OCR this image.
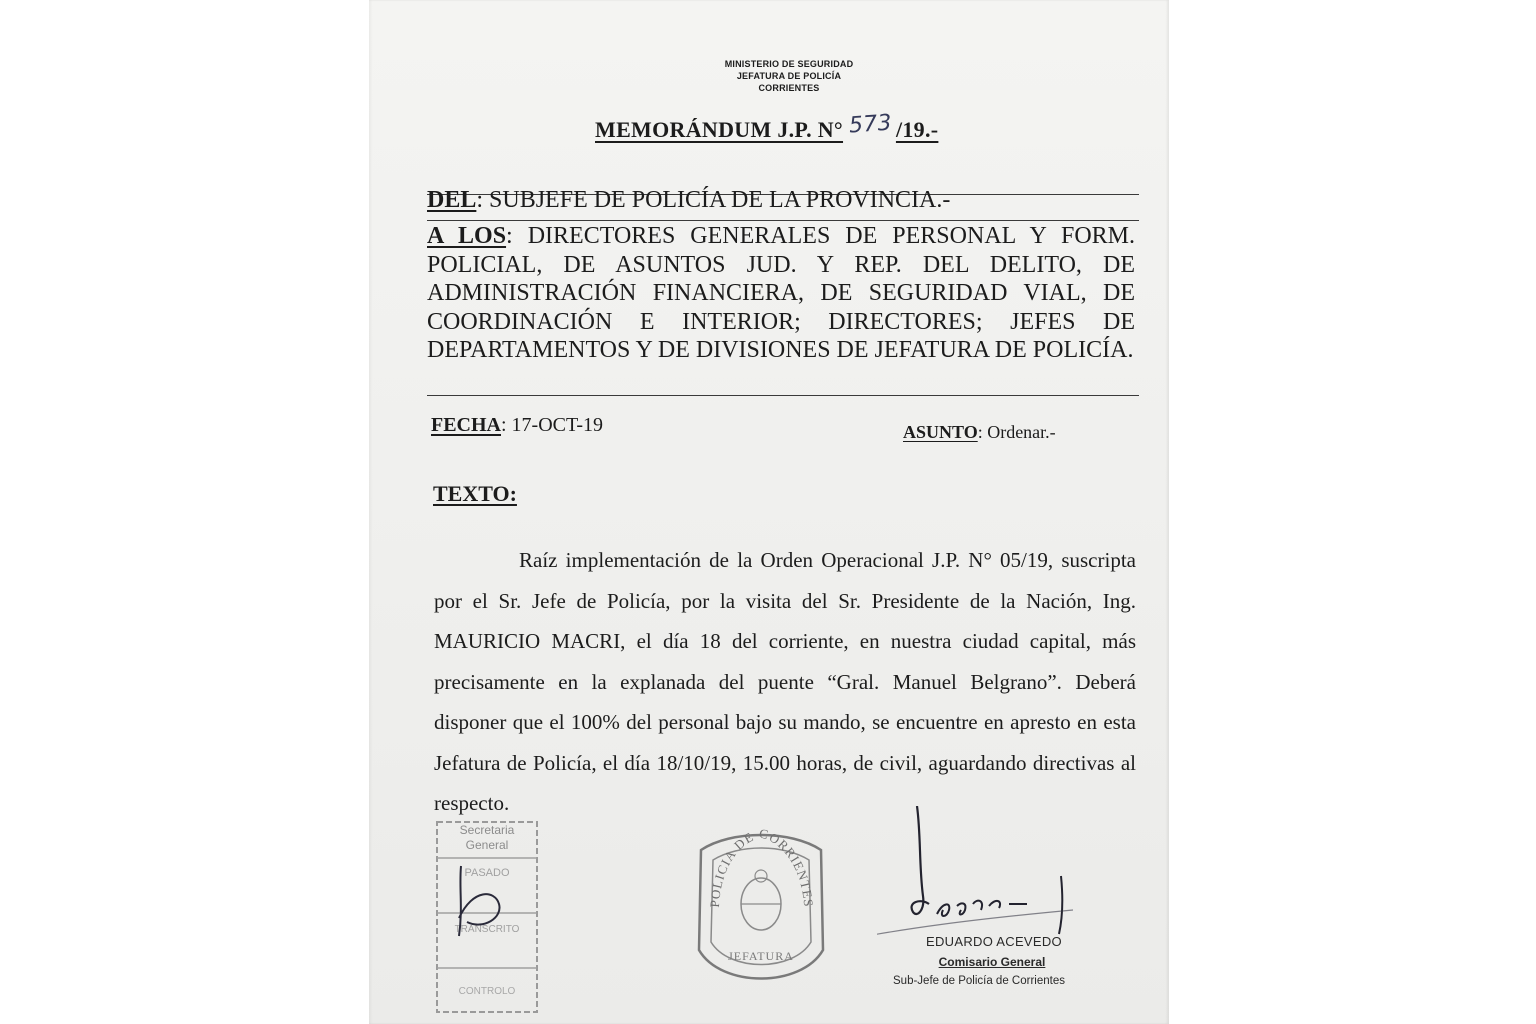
MINISTERIO DE SEGURIDAD
JEFATURA DE POLICÍA
CORRIENTES
MEMORÁNDUM J.P. N° 573 /19.-
DEL: SUBJEFE DE POLICÍA DE LA PROVINCIA.-
A LOS: DIRECTORES GENERALES DE PERSONAL Y FORM. POLICIAL, DE ASUNTOS JUD. Y REP. DEL DELITO, DE ADMINISTRACIÓN FINANCIERA, DE SEGURIDAD VIAL, DE COORDINACIÓN E INTERIOR; DIRECTORES; JEFES DE DEPARTAMENTOS Y DE DIVISIONES DE JEFATURA DE POLICÍA.
FECHA: 17-OCT-19	ASUNTO: Ordenar.-
TEXTO:
Raíz implementación de la Orden Operacional J.P. N° 05/19, suscripta por el Sr. Jefe de Policía, por la visita del Sr. Presidente de la Nación, Ing. MAURICIO MACRI, el día 18 del corriente, en nuestra ciudad capital, más precisamente en la explanada del puente “Gral. Manuel Belgrano”. Deberá disponer que el 100% del personal bajo su mando, se encuentre en apresto en esta Jefatura de Policía, el día 18/10/19, 15.00 horas, de civil, aguardando directivas al respecto.
Secretaria
General
PASADO
TRANSCRITO
CONTROLO
POLICIA DE CORRIENTES
JEFATURA
EDUARDO ACEVEDO
Comisario General
Sub-Jefe de Policía de Corrientes
